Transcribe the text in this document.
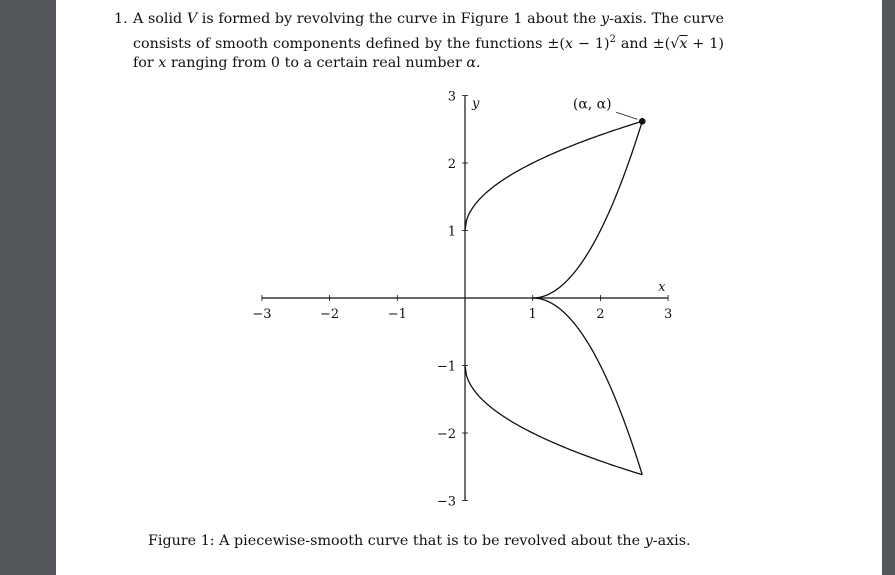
1. A solid V is formed by revolving the curve in Figure 1 about the y-axis. The curve consists of smooth components defined by the functions $\pm(x - 1)^2$ and ±(√x + 1) for x ranging from 0 to a certain real number α.
x
y
−3	−2	−1	1	2	3
3
2
1
−1
−2
−3
(α, α)
Figure 1: A piecewise-smooth curve that is to be revolved about the y-axis.
